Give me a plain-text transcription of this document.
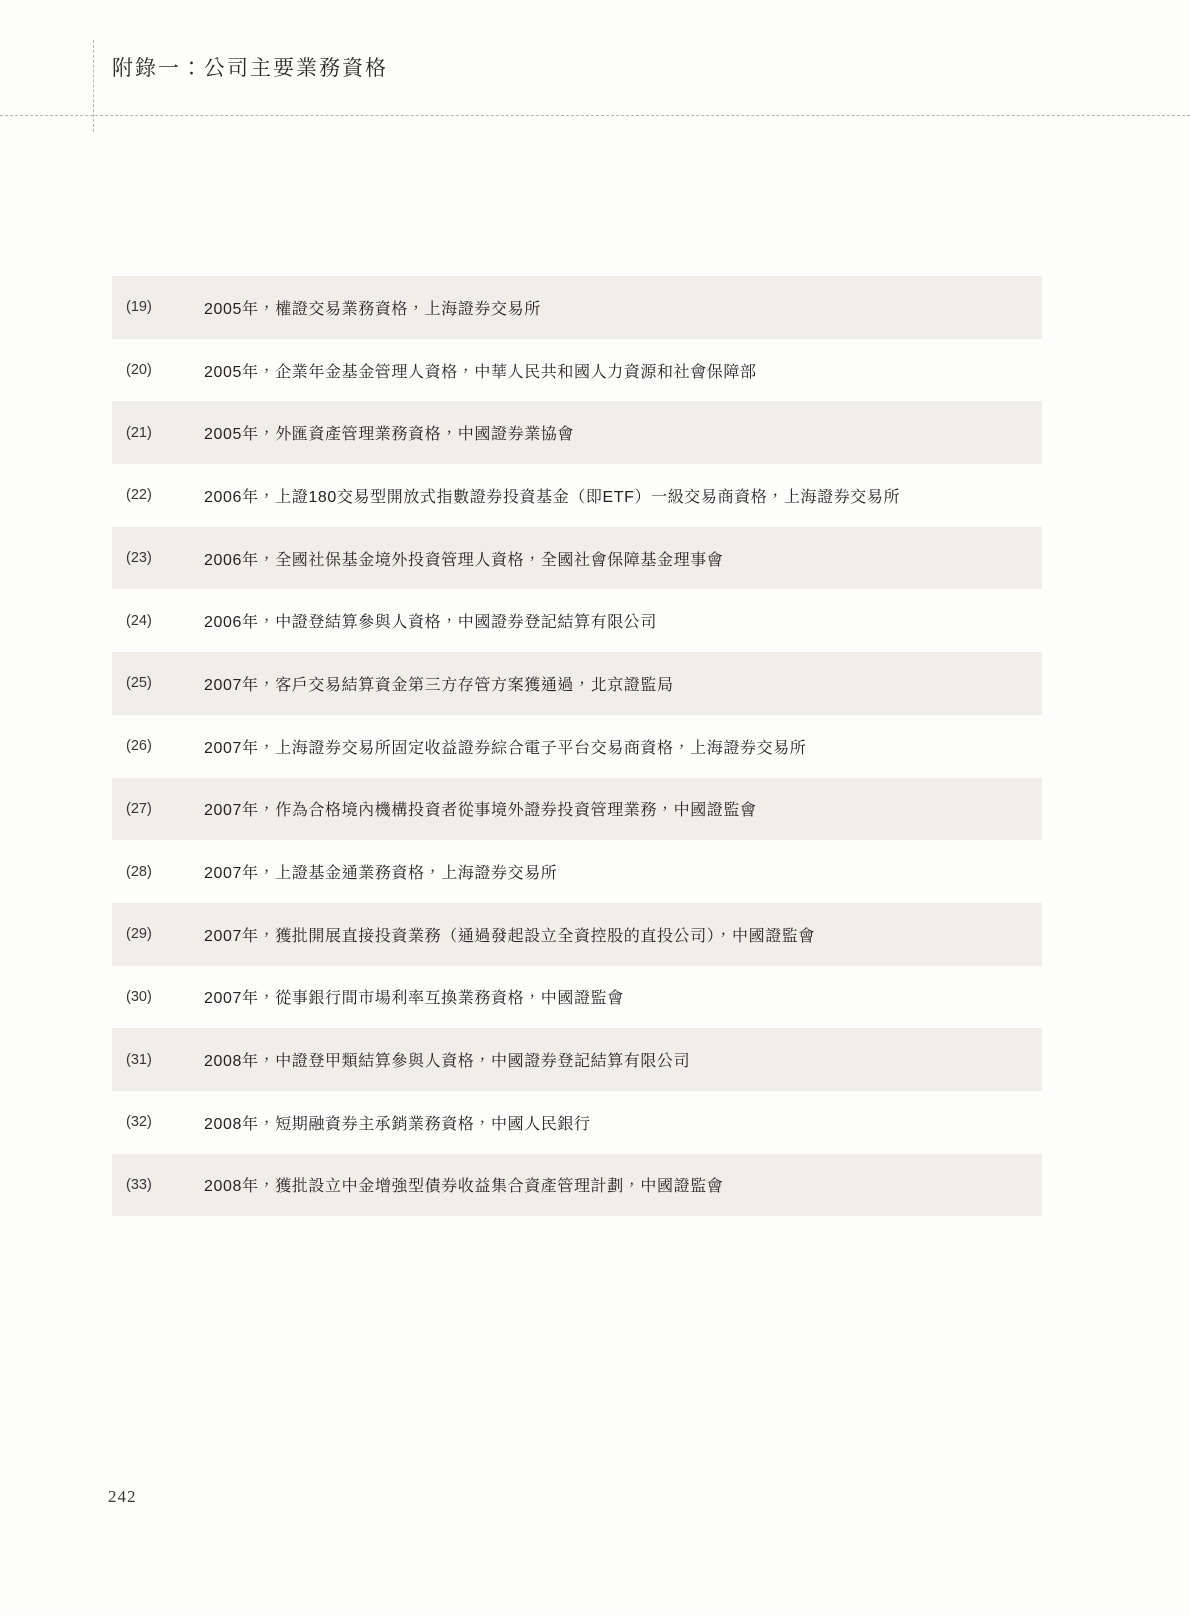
附錄一：公司主要業務資格
(19)	2005年，權證交易業務資格，上海證券交易所
(20)	2005年，企業年金基金管理人資格，中華人民共和國人力資源和社會保障部
(21)	2005年，外匯資產管理業務資格，中國證券業協會
(22)	2006年，上證180交易型開放式指數證券投資基金（即ETF）一級交易商資格，上海證券交易所
(23)	2006年，全國社保基金境外投資管理人資格，全國社會保障基金理事會
(24)	2006年，中證登結算參與人資格，中國證券登記結算有限公司
(25)	2007年，客戶交易結算資金第三方存管方案獲通過，北京證監局
(26)	2007年，上海證券交易所固定收益證券綜合電子平台交易商資格，上海證券交易所
(27)	2007年，作為合格境內機構投資者從事境外證券投資管理業務，中國證監會
(28)	2007年，上證基金通業務資格，上海證券交易所
(29)	2007年，獲批開展直接投資業務（通過發起設立全資控股的直投公司），中國證監會
(30)	2007年，從事銀行間市場利率互換業務資格，中國證監會
(31)	2008年，中證登甲類結算參與人資格，中國證券登記結算有限公司
(32)	2008年，短期融資券主承銷業務資格，中國人民銀行
(33)	2008年，獲批設立中金增強型債券收益集合資產管理計劃，中國證監會
242
